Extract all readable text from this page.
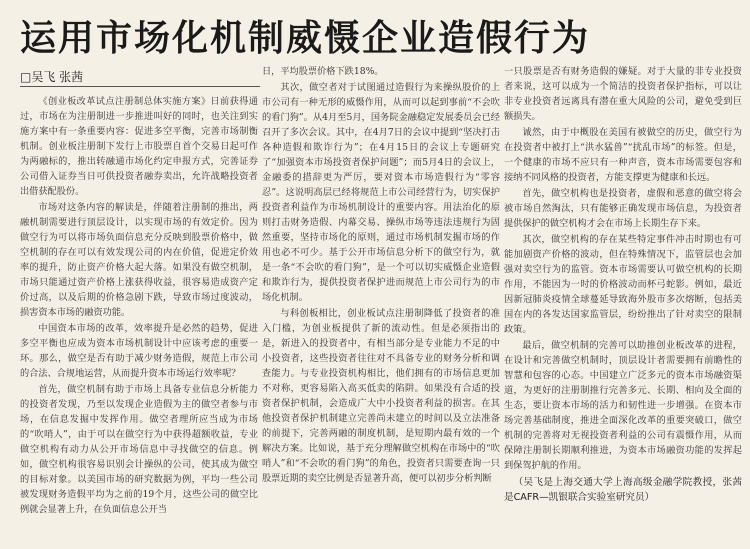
运用市场化机制威慑企业造假行为
□吴飞 张茜

《创业板改革试点注册制总体实施方案》日前获得通过，市场在为注册制进一步推进叫好的同时，也关注到实施方案中有一条重要内容：促进多空平衡，完善市场制衡机制。创业板注册制下发行上市股票自首个交易日起可作为两融标的，推出转融通市场化约定申报方式，完善证券公司借入证券当日可供投资者融券卖出，允许战略投资者出借获配股份。

市场对这条内容的解读是，伴随着注册制的推出，两融机制需要进行顶层设计，以实现市场的有效定价。因为做空行为可以将市场负面信息充分反映到股票价格中，做空机制的存在可以有效发现公司的内在价值，促进定价效率的提升，防止资产价格大起大落。如果没有做空机制，市场只能通过资产价格上涨获得收益，很容易造成资产定价过高，以及后期的价格急剧下跌，导致市场过度波动，损害资本市场的融资功能。

中国资本市场的改革，效率提升是必然的趋势，促进多空平衡也应成为资本市场机制设计中应该考虑的重要一环。那么，做空是否有助于减少财务造假，规范上市公司的合法、合规地运营，从而提升资本市场运行效率呢？

首先，做空机制有助于市场上具备专业信息分析能力的投资者发现，乃至以发现企业造假为主的做空者参与市场，在信息发掘中发挥作用。做空者理所应当成为市场的“吹哨人”，由于可以在做空行为中获得超额收益，专业做空机构有动力从公开市场信息中寻找做空的信息。例如，做空机构很容易识别会计操纵的公司，使其成为做空的目标对象。以美国市场的研究数据为例，平均一些公司被发现财务造假平均为之前的19个月，这些公司的做空比例就会显著上升，在负面信息公开当

日，平均股票价格下跌18%。

其次，做空者对于试图通过造假行为来操纵股价的上市公司有一种无形的威慑作用，从而可以起到事前“不会吹的看门狗”。从4月至5月，国务院金融稳定发展委员会已经召开了多次会议。其中，在4月7日的会议中提到“坚决打击各种造假和欺诈行为”；在4月15日的会议上专题研究了“加强资本市场投资者保护问题”；而5月4日的会议上，金融委的措辞更为严厉，要对资本市场造假行为“零容忍”。这说明高层已经将规范上市公司经营行为，切实保护投资者利益作为市场机制设计的重要内容。用法治化的原则打击财务造假、内幕交易、操纵市场等违法违规行为固然重要，坚持市场化的原则，通过市场机制发掘市场的作用也必不可少。基于公开市场信息分析下的做空行为，就是一条“不会吹的看门狗”，是一个可以切实威慑企业造假和欺诈行为，提供投资者保护进而规范上市公司行为的市场化机制。

与科创板相比，创业板试点注册制降低了投资者的准入门槛，为创业板提供了新的流动性。但是必须指出的是，新进入的投资者中，有相当部分是专业能力不足的中小投资者，这些投资者往往对不具备专业的财务分析和调查能力。与专业投资机构相比，他们拥有的市场信息更加不对称，更容易陷入高买低卖的陷阱。如果没有合适的投资者保护机制，会造成广大中小投资者利益的损害。在其他投资者保护机制建立完善尚未建立的时间以及立法准备的前提下，完善两融的制度机制，是短期内最有效的一个解决方案。比如说，基于充分理解做空机构在市场中的“吹哨人”和“不会吹的看门狗”的角色，投资者只需要查询一只股票近期的卖空比例是否显著升高，便可以初步分析判断

一只股票是否有财务造假的嫌疑。对于大量的非专业投资者来说，这可以成为一个简洁的投资者保护指标，可以让非专业投资者远离具有潜在重大风险的公司，避免受到巨额损失。

诚然，由于中概股在美国有被做空的历史，做空行为在投资者中被打上“洪水猛兽”“扰乱市场”的标签。但是，一个健康的市场不应只有一种声音，资本市场需要包容和接纳不同风格的投资者，方能支撑更为健康和长远。

首先，做空机构也是投资者，虚假和恶意的做空将会被市场自然淘汰，只有能够正确发现市场信息，为投资者提供保护的做空机构才会在市场上长期生存下来。

其次，做空机构的存在某些特定事件冲击时期也有可能加剧资产价格的波动，但在特殊情况下，监管层也会加强对卖空行为的监管。资本市场需要认可做空机构的长期作用，不能因为一时的价格波动而杯弓蛇影。例如，最近因新冠肺炎疫情全球蔓延导致海外股市多次熔断，包括美国在内的各发达国家监管层，纷纷推出了针对卖空的限制政策。

最后，做空机制的完善可以助推创业板改革的进程，在设计和完善做空机制时，顶层设计者需要拥有前瞻性的智慧和包容的心态。中国建立广泛多元的资本市场融资渠道，为更好的注册制推行完善多元、长期、相向及全面的生态，要让资本市场的活力和韧性进一步增强。在资本市场完善基础制度，推进全面深化改革的重要突破口，做空机制的完善将对无视投资者利益的公司有震慑作用，从而保障注册制长期顺利推进，为资本市场融资功能的发挥起到保驾护航的作用。

（吴飞是上海交通大学上海高级金融学院教授，张茜是CAFR—凯银联合实验室研究员）
